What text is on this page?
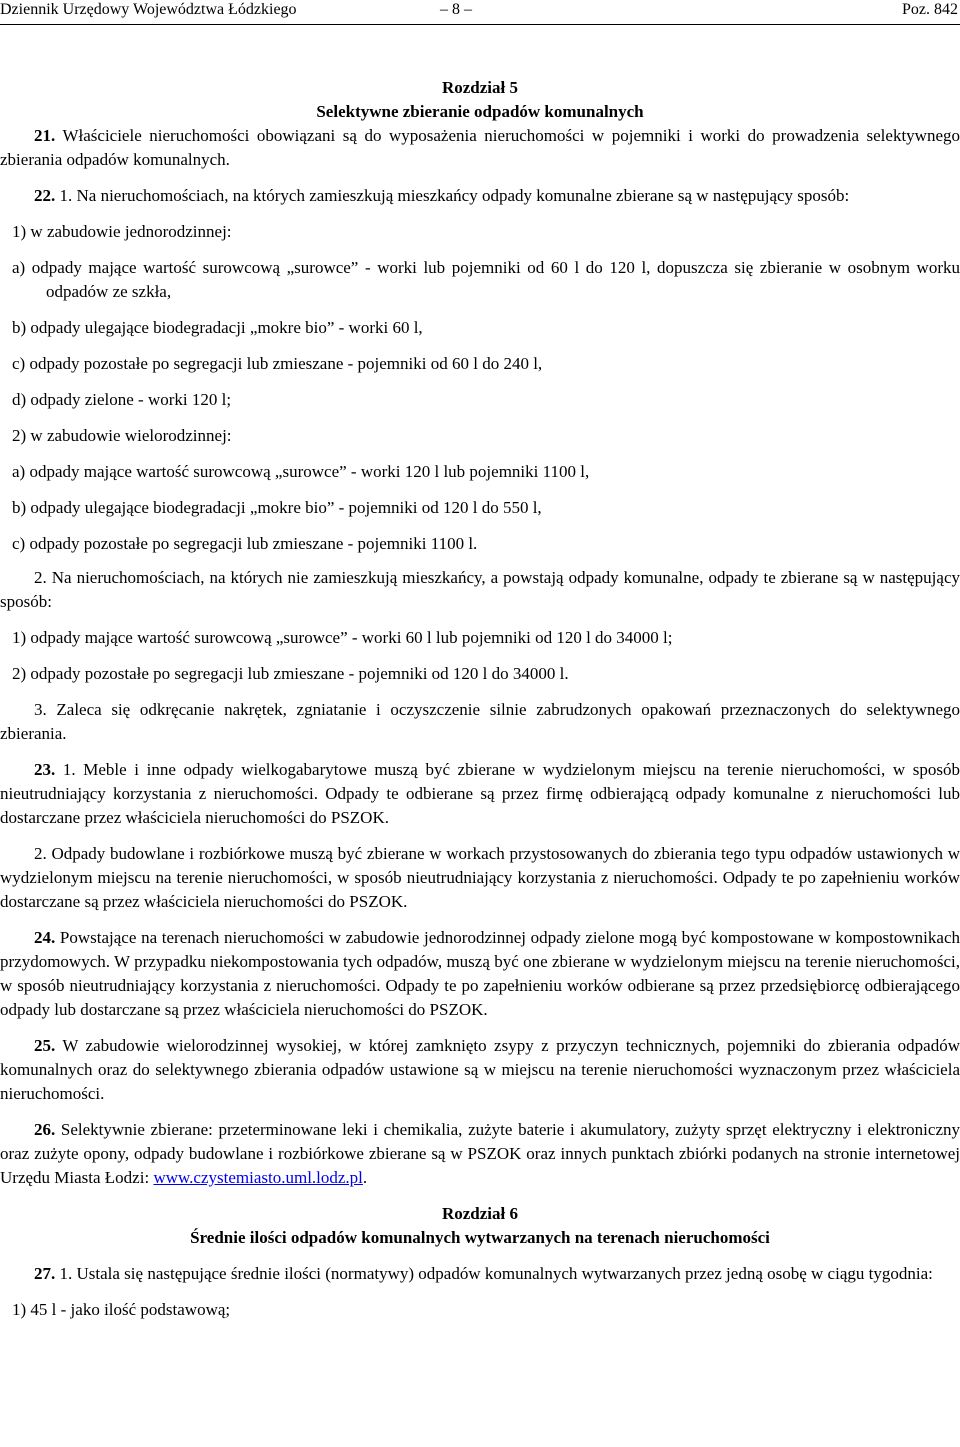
Dziennik Urzędowy Województwa Łódzkiego	– 8 –	Poz. 842

Rozdział 5

Selektywne zbieranie odpadów komunalnych

21. Właściciele nieruchomości obowiązani są do wyposażenia nieruchomości w pojemniki i worki do prowadzenia selektywnego zbierania odpadów komunalnych.

22. 1. Na nieruchomościach, na których zamieszkują mieszkańcy odpady komunalne zbierane są w następujący sposób:

1) w zabudowie jednorodzinnej:

a) odpady mające wartość surowcową „surowce” - worki lub pojemniki od 60 l do 120 l, dopuszcza się zbieranie w osobnym worku odpadów ze szkła,

b) odpady ulegające biodegradacji „mokre bio” - worki 60 l,

c) odpady pozostałe po segregacji lub zmieszane - pojemniki od 60 l do 240 l,

d) odpady zielone - worki 120 l;

2) w zabudowie wielorodzinnej:

a) odpady mające wartość surowcową „surowce” - worki 120 l lub pojemniki 1100 l,

b) odpady ulegające biodegradacji „mokre bio” - pojemniki od 120 l do 550 l,

c) odpady pozostałe po segregacji lub zmieszane - pojemniki 1100 l.

2. Na nieruchomościach, na których nie zamieszkują mieszkańcy, a powstają odpady komunalne, odpady te zbierane są w następujący sposób:

1) odpady mające wartość surowcową „surowce” - worki 60 l lub pojemniki od 120 l do 34000 l;

2) odpady pozostałe po segregacji lub zmieszane - pojemniki od 120 l do 34000 l.

3. Zaleca się odkręcanie nakrętek, zgniatanie i oczyszczenie silnie zabrudzonych opakowań przeznaczonych do selektywnego zbierania.

23. 1. Meble i inne odpady wielkogabarytowe muszą być zbierane w wydzielonym miejscu na terenie nieruchomości, w sposób nieutrudniający korzystania z nieruchomości. Odpady te odbierane są przez firmę odbierającą odpady komunalne z nieruchomości lub dostarczane przez właściciela nieruchomości do PSZOK.

2. Odpady budowlane i rozbiórkowe muszą być zbierane w workach przystosowanych do zbierania tego typu odpadów ustawionych w wydzielonym miejscu na terenie nieruchomości, w sposób nieutrudniający korzystania z nieruchomości. Odpady te po zapełnieniu worków dostarczane są przez właściciela nieruchomości do PSZOK.

24. Powstające na terenach nieruchomości w zabudowie jednorodzinnej odpady zielone mogą być kompostowane w kompostownikach przydomowych. W przypadku niekompostowania tych odpadów, muszą być one zbierane w wydzielonym miejscu na terenie nieruchomości, w sposób nieutrudniający korzystania z nieruchomości. Odpady te po zapełnieniu worków odbierane są przez przedsiębiorcę odbierającego odpady lub dostarczane są przez właściciela nieruchomości do PSZOK.

25. W zabudowie wielorodzinnej wysokiej, w której zamknięto zsypy z przyczyn technicznych, pojemniki do zbierania odpadów komunalnych oraz do selektywnego zbierania odpadów ustawione są w miejscu na terenie nieruchomości wyznaczonym przez właściciela nieruchomości.

26. Selektywnie zbierane: przeterminowane leki i chemikalia, zużyte baterie i akumulatory, zużyty sprzęt elektryczny i elektroniczny oraz zużyte opony, odpady budowlane i rozbiórkowe zbierane są w PSZOK oraz innych punktach zbiórki podanych na stronie internetowej Urzędu Miasta Łodzi: www.czystemiasto.uml.lodz.pl.

Rozdział 6

Średnie ilości odpadów komunalnych wytwarzanych na terenach nieruchomości

27. 1. Ustala się następujące średnie ilości (normatywy) odpadów komunalnych wytwarzanych przez jedną osobę w ciągu tygodnia:

1) 45 l - jako ilość podstawową;
